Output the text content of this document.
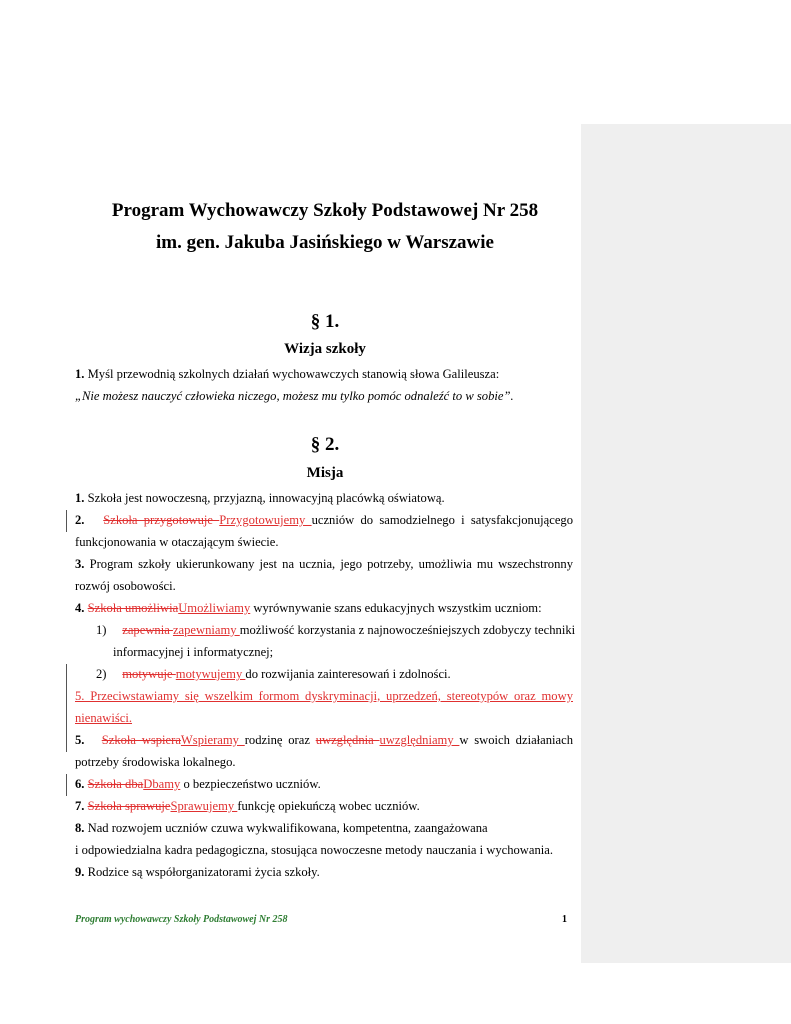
Program Wychowawczy Szkoły Podstawowej Nr 258
im. gen. Jakuba Jasińskiego w Warszawie
§ 1.
Wizja szkoły
1. Myśl przewodnią szkolnych działań wychowawczych stanowią słowa Galileusza:
„Nie możesz nauczyć człowieka niczego, możesz mu tylko pomóc odnaleźć to w sobie”.
§ 2.
Misja
1. Szkoła jest nowoczesną, przyjazną, innowacyjną placówką oświatową.
2. Szkoła przygotowuje Przygotowujemy uczniów do samodzielnego i satysfakcjonującego
funkcjonowania w otaczającym świecie.
3. Program szkoły ukierunkowany jest na ucznia, jego potrzeby, umożliwia mu wszechstronny
rozwój osobowości.
4. Szkoła umożliwiaUmożliwiamy wyrównywanie szans edukacyjnych wszystkim uczniom:
1) zapewnia zapewniamy możliwość korzystania z najnowocześniejszych zdobyczy techniki
informacyjnej i informatycznej;
2) motywuje motywujemy do rozwijania zainteresowań i zdolności.
5. Przeciwstawiamy się wszelkim formom dyskryminacji, uprzedzeń, stereotypów oraz mowy
nienawiści.
5. Szkoła wspieraWspieramy rodzinę oraz uwzględnia uwzględniamy w swoich działaniach
potrzeby środowiska lokalnego.
6. Szkoła dbaDbamy o bezpieczeństwo uczniów.
7. Szkoła sprawujeSprawujemy funkcję opiekuńczą wobec uczniów.
8. Nad rozwojem uczniów czuwa wykwalifikowana, kompetentna, zaangażowana
i odpowiedzialna kadra pedagogiczna, stosująca nowoczesne metody nauczania i wychowania.
9. Rodzice są współorganizatorami życia szkoły.
Program wychowawczy Szkoły Podstawowej Nr 258	1
